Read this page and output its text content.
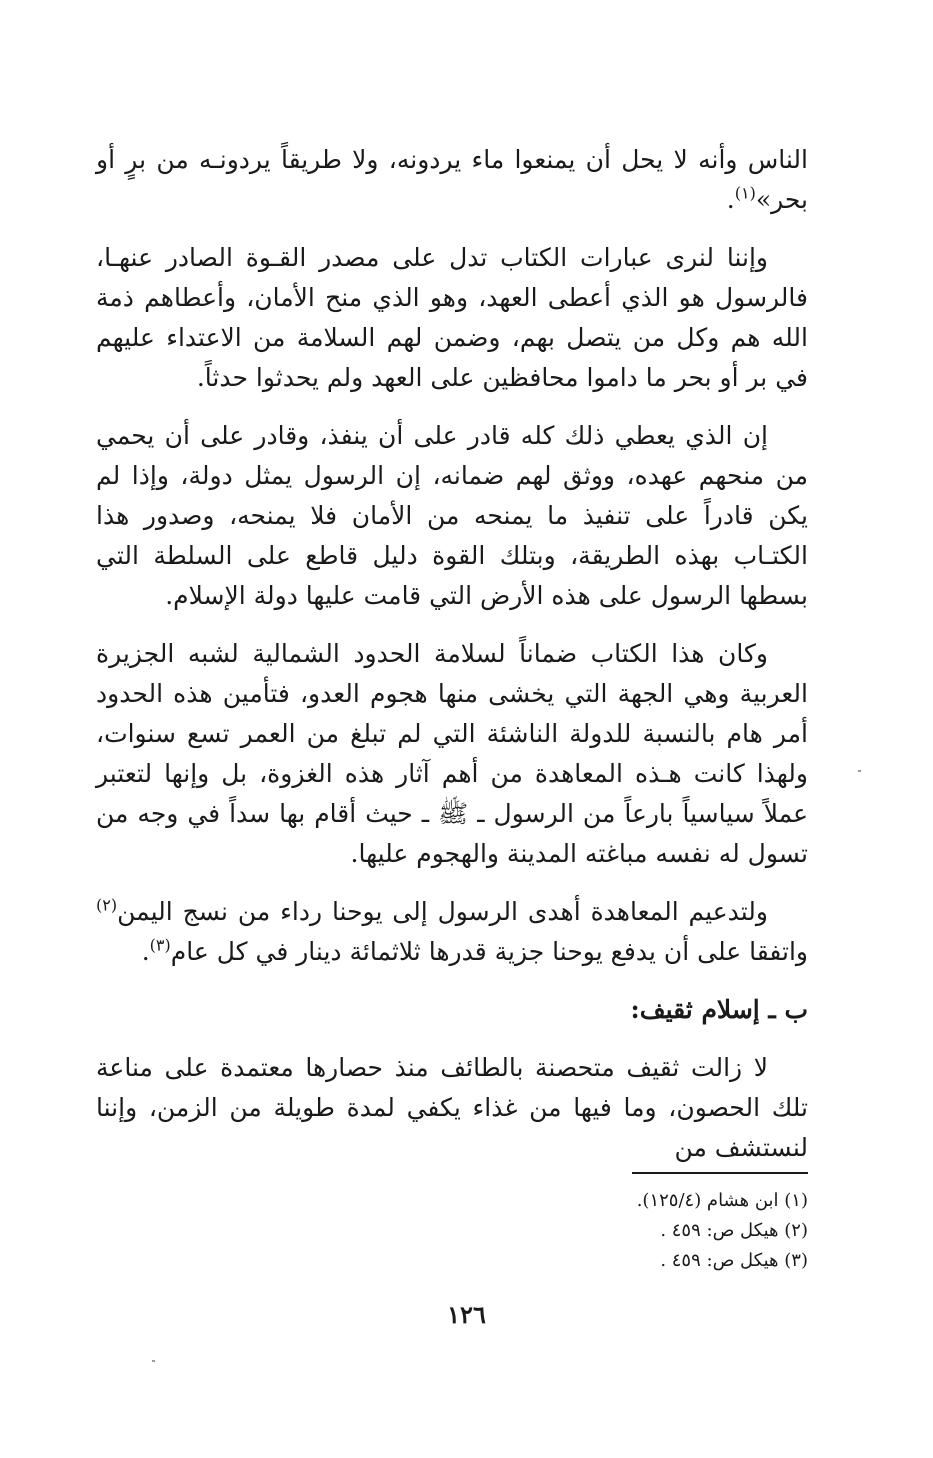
الناس وأنه لا يحل أن يمنعوا ماء يردونه، ولا طريقاً يردونـه من برٍ أو بحر»$^{(١)}$.

وإننا لنرى عبارات الكتاب تدل على مصدر القـوة الصادر عنهـا، فالرسول هو الذي أعطى العهد، وهو الذي منح الأمان، وأعطاهم ذمة الله هم وكل من يتصل بهم، وضمن لهم السلامة من الاعتداء عليهم في بر أو بحر ما داموا محافظين على العهد ولم يحدثوا حدثاً.

إن الذي يعطي ذلك كله قادر على أن ينفذ، وقادر على أن يحمي من منحهم عهده، ووثق لهم ضمانه، إن الرسول يمثل دولة، وإذا لم يكن قادراً على تنفيذ ما يمنحه من الأمان فلا يمنحه، وصدور هذا الكتـاب بهذه الطريقة، وبتلك القوة دليل قاطع على السلطة التي بسطها الرسول على هذه الأرض التي قامت عليها دولة الإسلام.

وكان هذا الكتاب ضماناً لسلامة الحدود الشمالية لشبه الجزيرة العربية وهي الجهة التي يخشى منها هجوم العدو، فتأمين هذه الحدود أمر هام بالنسبة للدولة الناشئة التي لم تبلغ من العمر تسع سنوات، ولهذا كانت هـذه المعاهدة من أهم آثار هذه الغزوة، بل وإنها لتعتبر عملاً سياسياً بارعاً من الرسول ـ ﷺ ـ حيث أقام بها سداً في وجه من تسول له نفسه مباغته المدينة والهجوم عليها.

ولتدعيم المعاهدة أهدى الرسول إلى يوحنا رداء من نسج اليمن$^{(٢)}$ واتفقا على أن يدفع يوحنا جزية قدرها ثلاثمائة دينار في كل عام$^{(٣)}$.

ب ـ إسلام ثقيف:

لا زالت ثقيف متحصنة بالطائف منذ حصارها معتمدة على مناعة تلك الحصون، وما فيها من غذاء يكفي لمدة طويلة من الزمن، وإننا لنستشف من

(١) ابن هشام (١٢٥/٤).

(٢) هيكل ص: ٤٥٩ .

(٣) هيكل ص: ٤٥٩ .

١٢٦
